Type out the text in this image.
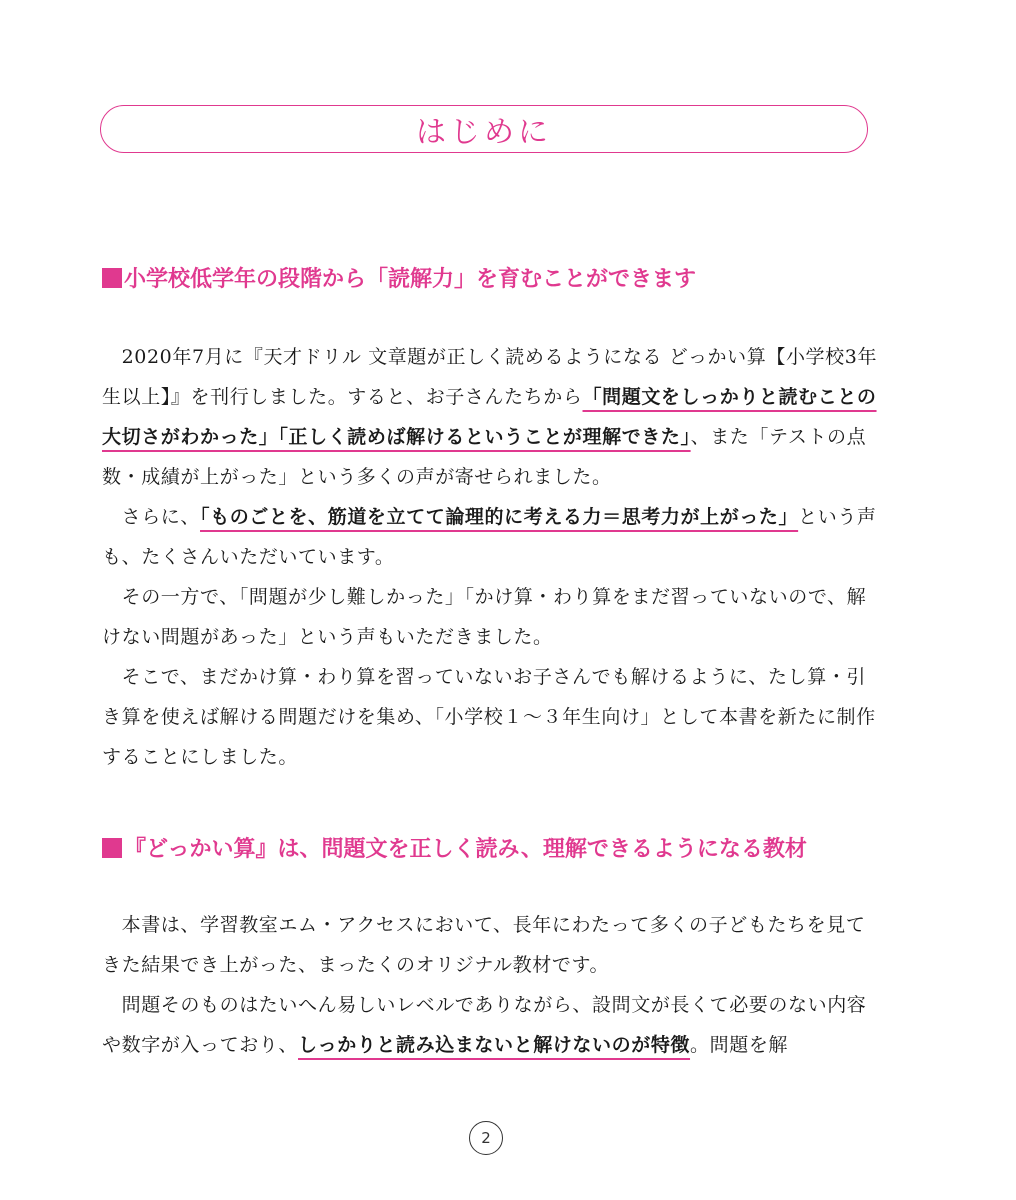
はじめに
小学校低学年の段階から「読解力」を育むことができます

　2020年7月に『天才ドリル 文章題が正しく読めるようになる どっかい算【小学校3年生以上】』を刊行しました。すると、お子さんたちから「問題文をしっかりと読むことの大切さがわかった」「正しく読めば解けるということが理解できた」、また「テストの点数・成績が上がった」という多くの声が寄せられました。

　さらに、「ものごとを、筋道を立てて論理的に考える力＝思考力が上がった」という声も、たくさんいただいています。

　その一方で、「問題が少し難しかった」「かけ算・わり算をまだ習っていないので、解けない問題があった」という声もいただきました。

　そこで、まだかけ算・わり算を習っていないお子さんでも解けるように、たし算・引き算を使えば解ける問題だけを集め、「小学校１～３年生向け」として本書を新たに制作することにしました。

『どっかい算』は、問題文を正しく読み、理解できるようになる教材

　本書は、学習教室エム・アクセスにおいて、長年にわたって多くの子どもたちを見てきた結果でき上がった、まったくのオリジナル教材です。

　問題そのものはたいへん易しいレベルでありながら、設問文が長くて必要のない内容や数字が入っており、しっかりと読み込まないと解けないのが特徴。問題を解

2
